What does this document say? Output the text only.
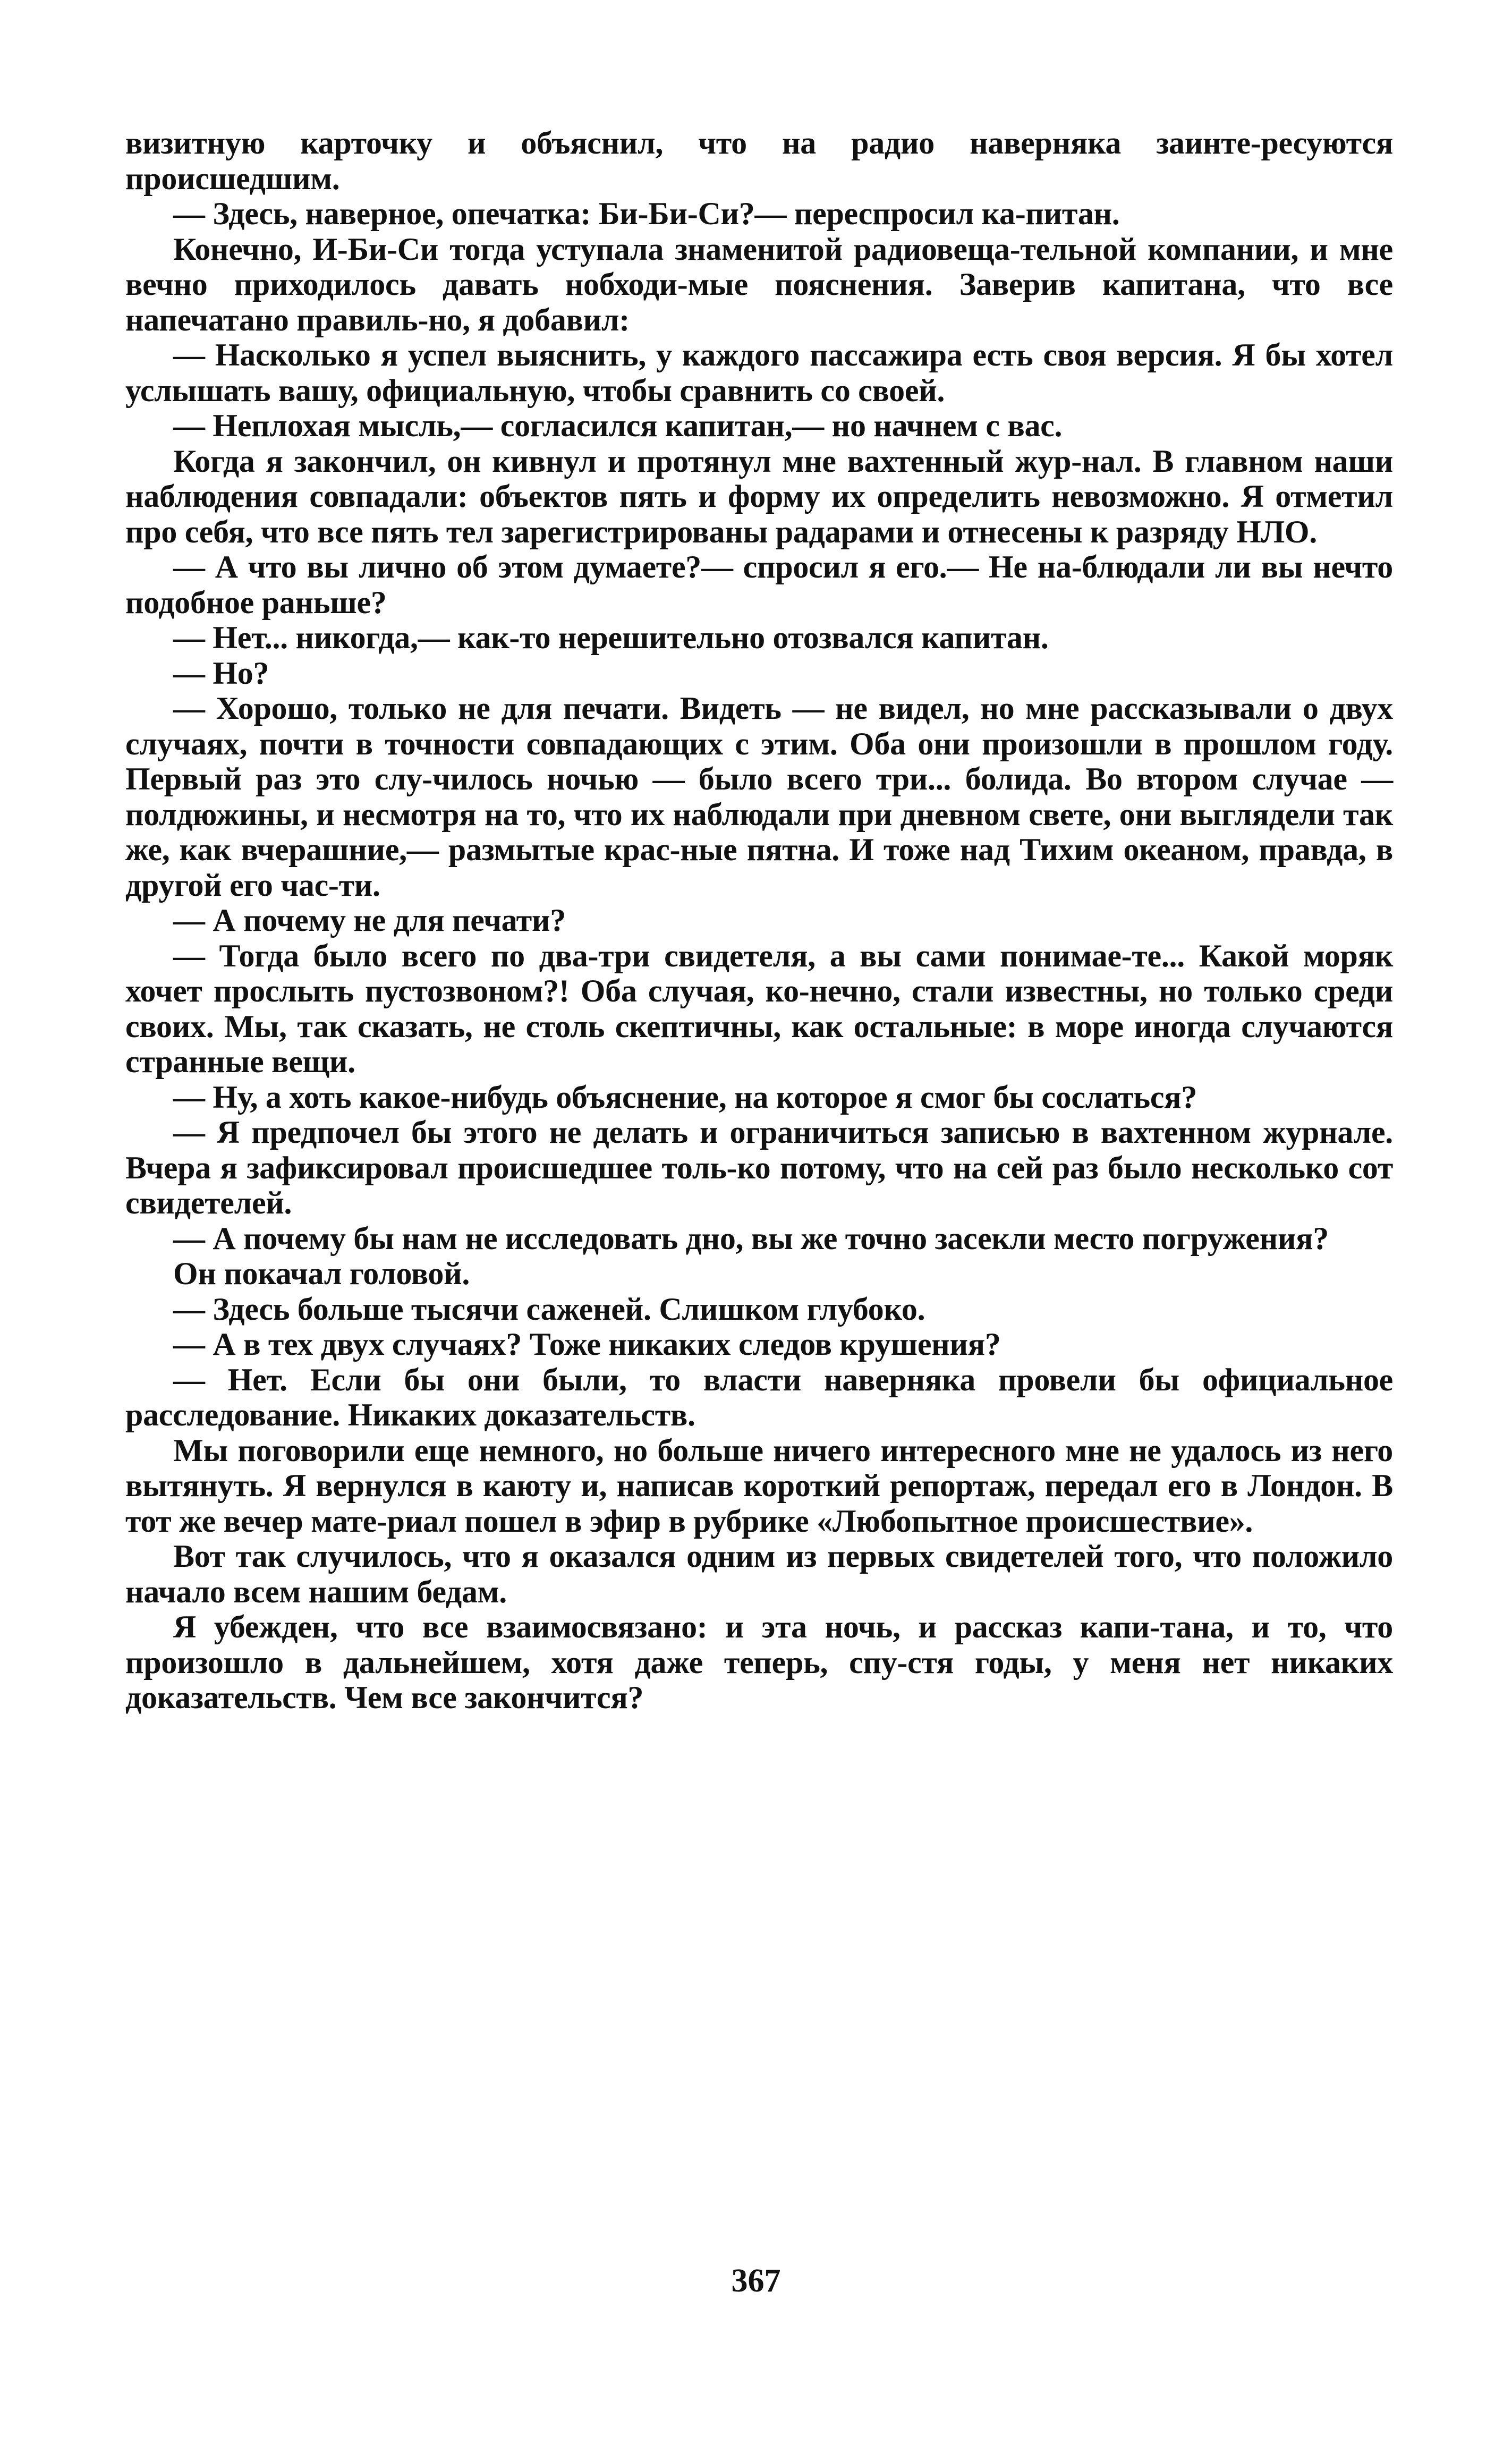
визитную карточку и объяснил, что на радио наверняка заинте-ресуются происшедшим.

— Здесь, наверное, опечатка: Би-Би-Си?— переспросил ка-питан.

Конечно, И-Би-Си тогда уступала знаменитой радиовеща-тельной компании, и мне вечно приходилось давать нобходи-мые пояснения. Заверив капитана, что все напечатано правиль-но, я добавил:

— Насколько я успел выяснить, у каждого пассажира есть своя версия. Я бы хотел услышать вашу, официальную, чтобы сравнить со своей.

— Неплохая мысль,— согласился капитан,— но начнем с вас.

Когда я закончил, он кивнул и протянул мне вахтенный жур-нал. В главном наши наблюдения совпадали: объектов пять и форму их определить невозможно. Я отметил про себя, что все пять тел зарегистрированы радарами и отнесены к разряду НЛО.

— А что вы лично об этом думаете?— спросил я его.— Не на-блюдали ли вы нечто подобное раньше?

— Нет... никогда,— как-то нерешительно отозвался капитан.

— Но?

— Хорошо, только не для печати. Видеть — не видел, но мне рассказывали о двух случаях, почти в точности совпадающих с этим. Оба они произошли в прошлом году. Первый раз это слу-чилось ночью — было всего три... болида. Во втором случае — полдюжины, и несмотря на то, что их наблюдали при дневном свете, они выглядели так же, как вчерашние,— размытые крас-ные пятна. И тоже над Тихим океаном, правда, в другой его час-ти.

— А почему не для печати?

— Тогда было всего по два-три свидетеля, а вы сами понимае-те... Какой моряк хочет прослыть пустозвоном?! Оба случая, ко-нечно, стали известны, но только среди своих. Мы, так сказать, не столь скептичны, как остальные: в море иногда случаются странные вещи.

— Ну, а хоть какое-нибудь объяснение, на которое я смог бы сослаться?

— Я предпочел бы этого не делать и ограничиться записью в вахтенном журнале. Вчера я зафиксировал происшедшее толь-ко потому, что на сей раз было несколько сот свидетелей.

— А почему бы нам не исследовать дно, вы же точно засекли место погружения?

Он покачал головой.

— Здесь больше тысячи саженей. Слишком глубоко.

— А в тех двух случаях? Тоже никаких следов крушения?

— Нет. Если бы они были, то власти наверняка провели бы официальное расследование. Никаких доказательств.

Мы поговорили еще немного, но больше ничего интересного мне не удалось из него вытянуть. Я вернулся в каюту и, написав короткий репортаж, передал его в Лондон. В тот же вечер мате-риал пошел в эфир в рубрике «Любопытное происшествие».

Вот так случилось, что я оказался одним из первых свидетелей того, что положило начало всем нашим бедам.

Я убежден, что все взаимосвязано: и эта ночь, и рассказ капи-тана, и то, что произошло в дальнейшем, хотя даже теперь, спу-стя годы, у меня нет никаких доказательств. Чем все закончится?

367
